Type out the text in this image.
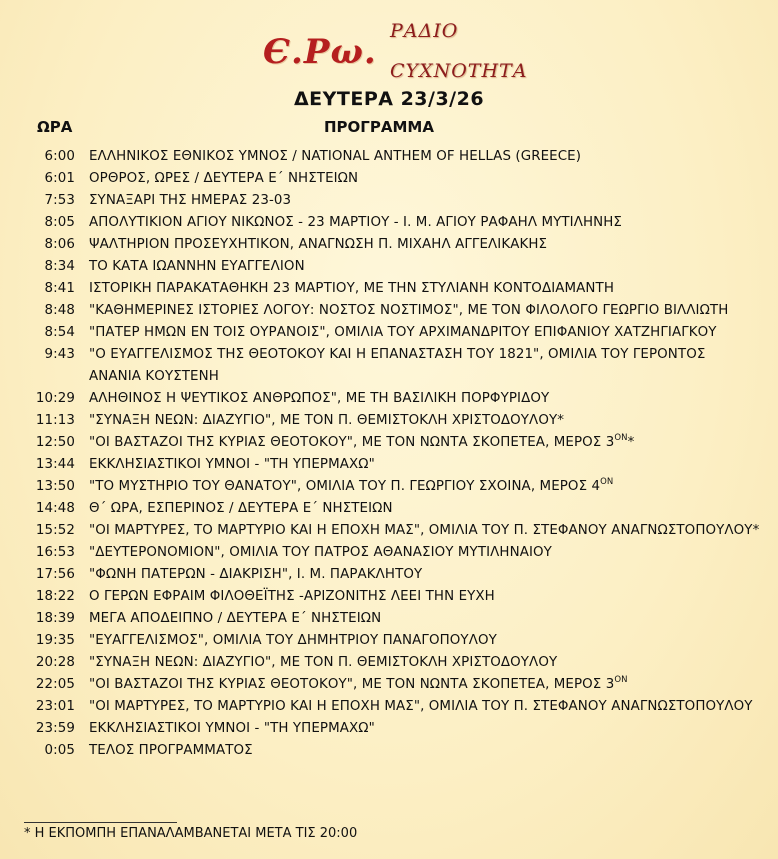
Є.Ρω.
ΡΑΔΙΟ
CΥΧΝΟΤΗΤΑ
ΔΕΥΤΕΡΑ 23/3/26
ΩΡΑ	ΠΡΟΓΡΑΜΜΑ
6:00 ΕΛΛΗΝΙΚΟΣ ΕΘΝΙΚΟΣ ΥΜΝΟΣ / NATIONAL ANTHEM OF HELLAS (GREECE)
6:01 ΟΡΘΡΟΣ, ΩΡΕΣ / ΔΕΥΤΕΡΑ Ε΄ ΝΗΣΤΕΙΩΝ
7:53 ΣΥΝΑΞΑΡΙ ΤΗΣ ΗΜΕΡΑΣ 23-03
8:05 ΑΠΟΛΥΤΙΚΙΟΝ ΑΓΙΟΥ ΝΙΚΩΝΟΣ - 23 ΜΑΡΤΙΟΥ - Ι. Μ. ΑΓΙΟΥ ΡΑΦΑΗΛ ΜΥΤΙΛΗΝΗΣ
8:06 ΨΑΛΤΗΡΙΟΝ ΠΡΟΣΕΥΧΗΤΙΚΟΝ, ΑΝΑΓΝΩΣΗ Π. ΜΙΧΑΗΛ ΑΓΓΕΛΙΚΑΚΗΣ
8:34 ΤΟ ΚΑΤΑ ΙΩΑΝΝΗΝ ΕΥΑΓΓΕΛΙΟΝ
8:41 ΙΣΤΟΡΙΚΗ ΠΑΡΑΚΑΤΑΘΗΚΗ 23 ΜΑΡΤΙΟΥ, ΜΕ ΤΗΝ ΣΤΥΛΙΑΝΗ ΚΟΝΤΟΔΙΑΜΑΝΤΗ
8:48 "ΚΑΘΗΜΕΡΙΝΕΣ ΙΣΤΟΡΙΕΣ ΛΟΓΟΥ: ΝΟΣΤΟΣ ΝΟΣΤΙΜΟΣ", ΜΕ ΤΟΝ ΦΙΛΟΛΟΓΟ ΓΕΩΡΓΙΟ ΒΙΛΛΙΩΤΗ
8:54 "ΠΑΤΕΡ ΗΜΩΝ ΕΝ ΤΟΙΣ ΟΥΡΑΝΟΙΣ", ΟΜΙΛΙΑ ΤΟΥ ΑΡΧΙΜΑΝΔΡΙΤΟΥ ΕΠΙΦΑΝΙΟΥ ΧΑΤΖΗΓΙΑΓΚΟΥ
9:43 "Ο ΕΥΑΓΓΕΛΙΣΜΟΣ ΤΗΣ ΘΕΟΤΟΚΟΥ ΚΑΙ Η ΕΠΑΝΑΣΤΑΣΗ ΤΟΥ 1821", ΟΜΙΛΙΑ ΤΟΥ ΓΕΡΟΝΤΟΣ ΑΝΑΝΙΑ ΚΟΥΣΤΕΝΗ
10:29 ΑΛΗΘΙΝΟΣ Η ΨΕΥΤΙΚΟΣ ΑΝΘΡΩΠΟΣ", ΜΕ ΤΗ ΒΑΣΙΛΙΚΗ ΠΟΡΦΥΡΙΔΟΥ
11:13 "ΣΥΝΑΞΗ ΝΕΩΝ: ΔΙΑΖΥΓΙΟ", ΜΕ ΤΟΝ Π. ΘΕΜΙΣΤΟΚΛΗ ΧΡΙΣΤΟΔΟΥΛΟΥ*
12:50 "ΟΙ ΒΑΣΤΑΖΟΙ ΤΗΣ ΚΥΡΙΑΣ ΘΕΟΤΟΚΟΥ", ΜΕ ΤΟΝ ΝΩΝΤΑ ΣΚΟΠΕΤΕΑ, ΜΕΡΟΣ $3^{ON}*$
13:44 ΕΚΚΛΗΣΙΑΣΤΙΚΟΙ ΥΜΝΟΙ - "ΤΗ ΥΠΕΡΜΑΧΩ"
13:50 "ΤΟ ΜΥΣΤΗΡΙΟ ΤΟΥ ΘΑΝΑΤΟΥ", ΟΜΙΛΙΑ ΤΟΥ Π. ΓΕΩΡΓΙΟΥ ΣΧΟΙΝΑ, ΜΕΡΟΣ $4^{ON}$
14:48 Θ΄ ΩΡΑ, ΕΣΠΕΡΙΝΟΣ / ΔΕΥΤΕΡΑ Ε΄ ΝΗΣΤΕΙΩΝ
15:52 "ΟΙ ΜΑΡΤΥΡΕΣ, ΤΟ ΜΑΡΤΥΡΙΟ ΚΑΙ Η ΕΠΟΧΗ ΜΑΣ", ΟΜΙΛΙΑ ΤΟΥ Π. ΣΤΕΦΑΝΟΥ ΑΝΑΓΝΩΣΤΟΠΟΥΛΟΥ*
16:53 "ΔΕΥΤΕΡΟΝΟΜΙΟΝ", ΟΜΙΛΙΑ ΤΟΥ ΠΑΤΡΟΣ ΑΘΑΝΑΣΙΟΥ ΜΥΤΙΛΗΝΑΙΟΥ
17:56 "ΦΩΝΗ ΠΑΤΕΡΩΝ - ΔΙΑΚΡΙΣΗ", Ι. Μ. ΠΑΡΑΚΛΗΤΟΥ
18:22 Ο ΓΕΡΩΝ ΕΦΡΑΙΜ ΦΙΛΟΘΕΪΤΗΣ -ΑΡΙΖΟΝΙΤΗΣ ΛΕΕΙ ΤΗΝ ΕΥΧΗ
18:39 ΜΕΓΑ ΑΠΟΔΕΙΠΝΟ / ΔΕΥΤΕΡΑ Ε΄ ΝΗΣΤΕΙΩΝ
19:35 "ΕΥΑΓΓΕΛΙΣΜΟΣ", ΟΜΙΛΙΑ ΤΟΥ ΔΗΜΗΤΡΙΟΥ ΠΑΝΑΓΟΠΟΥΛΟΥ
20:28 "ΣΥΝΑΞΗ ΝΕΩΝ: ΔΙΑΖΥΓΙΟ", ΜΕ ΤΟΝ Π. ΘΕΜΙΣΤΟΚΛΗ ΧΡΙΣΤΟΔΟΥΛΟΥ
22:05 "ΟΙ ΒΑΣΤΑΖΟΙ ΤΗΣ ΚΥΡΙΑΣ ΘΕΟΤΟΚΟΥ", ΜΕ ΤΟΝ ΝΩΝΤΑ ΣΚΟΠΕΤΕΑ, ΜΕΡΟΣ $3^{ON}$
23:01 "ΟΙ ΜΑΡΤΥΡΕΣ, ΤΟ ΜΑΡΤΥΡΙΟ ΚΑΙ Η ΕΠΟΧΗ ΜΑΣ", ΟΜΙΛΙΑ ΤΟΥ Π. ΣΤΕΦΑΝΟΥ ΑΝΑΓΝΩΣΤΟΠΟΥΛΟΥ
23:59 ΕΚΚΛΗΣΙΑΣΤΙΚΟΙ ΥΜΝΟΙ - "ΤΗ ΥΠΕΡΜΑΧΩ"
0:05 ΤΕΛΟΣ ΠΡΟΓΡΑΜΜΑΤΟΣ
* Η ΕΚΠΟΜΠΗ ΕΠΑΝΑΛΑΜΒΑΝΕΤΑΙ ΜΕΤΑ ΤΙΣ 20:00
